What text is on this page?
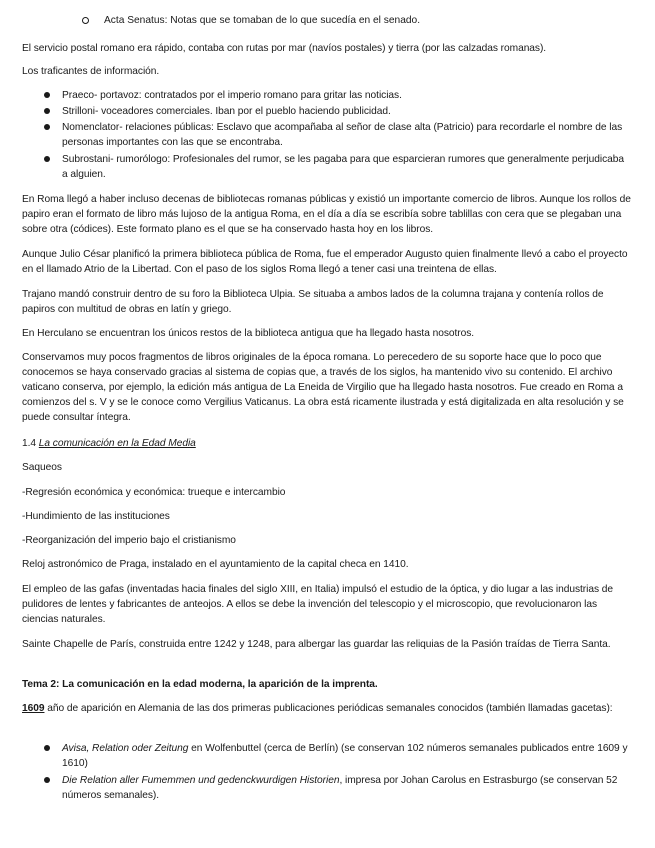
Acta Senatus: Notas que se tomaban de lo que sucedía en el senado.

El servicio postal romano era rápido, contaba con rutas por mar (navíos postales) y tierra (por las calzadas romanas).

Los traficantes de información.

Praeco- portavoz: contratados por el imperio romano para gritar las noticias.

Strilloni- voceadores comerciales. Iban por el pueblo haciendo publicidad.

Nomenclator- relaciones públicas: Esclavo que acompañaba al señor de clase alta (Patricio) para recordarle el nombre de las personas importantes con las que se encontraba.

Subrostani- rumorólogo: Profesionales del rumor, se les pagaba para que esparcieran rumores que generalmente perjudicaba a alguien.

En Roma llegó a haber incluso decenas de bibliotecas romanas públicas y existió un importante comercio de libros. Aunque los rollos de papiro eran el formato de libro más lujoso de la antigua Roma, en el día a día se escribía sobre tablillas con cera que se plegaban una sobre otra (códices). Este formato plano es el que se ha conservado hasta hoy en los libros.

Aunque Julio César planificó la primera biblioteca pública de Roma, fue el emperador Augusto quien finalmente llevó a cabo el proyecto en el llamado Atrio de la Libertad. Con el paso de los siglos Roma llegó a tener casi una treintena de ellas.

Trajano mandó construir dentro de su foro la Biblioteca Ulpia. Se situaba a ambos lados de la columna trajana y contenía rollos de papiros con multitud de obras en latín y griego.

En Herculano se encuentran los únicos restos de la biblioteca antigua que ha llegado hasta nosotros.

Conservamos muy pocos fragmentos de libros originales de la época romana. Lo perecedero de su soporte hace que lo poco que conocemos se haya conservado gracias al sistema de copias que, a través de los siglos, ha mantenido vivo su contenido. El archivo vaticano conserva, por ejemplo, la edición más antigua de La Eneida de Virgilio que ha llegado hasta nosotros. Fue creado en Roma a comienzos del s. V y se le conoce como Vergilius Vaticanus. La obra está ricamente ilustrada y está digitalizada en alta resolución y se puede consultar íntegra.

1.4 La comunicación en la Edad Media

Saqueos

-Regresión económica y económica: trueque e intercambio

-Hundimiento de las instituciones

-Reorganización del imperio bajo el cristianismo

Reloj astronómico de Praga, instalado en el ayuntamiento de la capital checa en 1410.

El empleo de las gafas (inventadas hacia finales del siglo XIII, en Italia) impulsó el estudio de la óptica, y dio lugar a las industrias de pulidores de lentes y fabricantes de anteojos. A ellos se debe la invención del telescopio y el microscopio, que revolucionaron las ciencias naturales.

Sainte Chapelle de París, construida entre 1242 y 1248, para albergar las guardar las reliquias de la Pasión traídas de Tierra Santa.

Tema 2: La comunicación en la edad moderna, la aparición de la imprenta.

1609 año de aparición en Alemania de las dos primeras publicaciones periódicas semanales conocidos (también llamadas gacetas):

Avisa, Relation oder Zeitung en Wolfenbuttel (cerca de Berlín) (se conservan 102 números semanales publicados entre 1609 y 1610)

Die Relation aller Fumemmen und gedenckwurdigen Historien, impresa por Johan Carolus en Estrasburgo (se conservan 52 números semanales).
